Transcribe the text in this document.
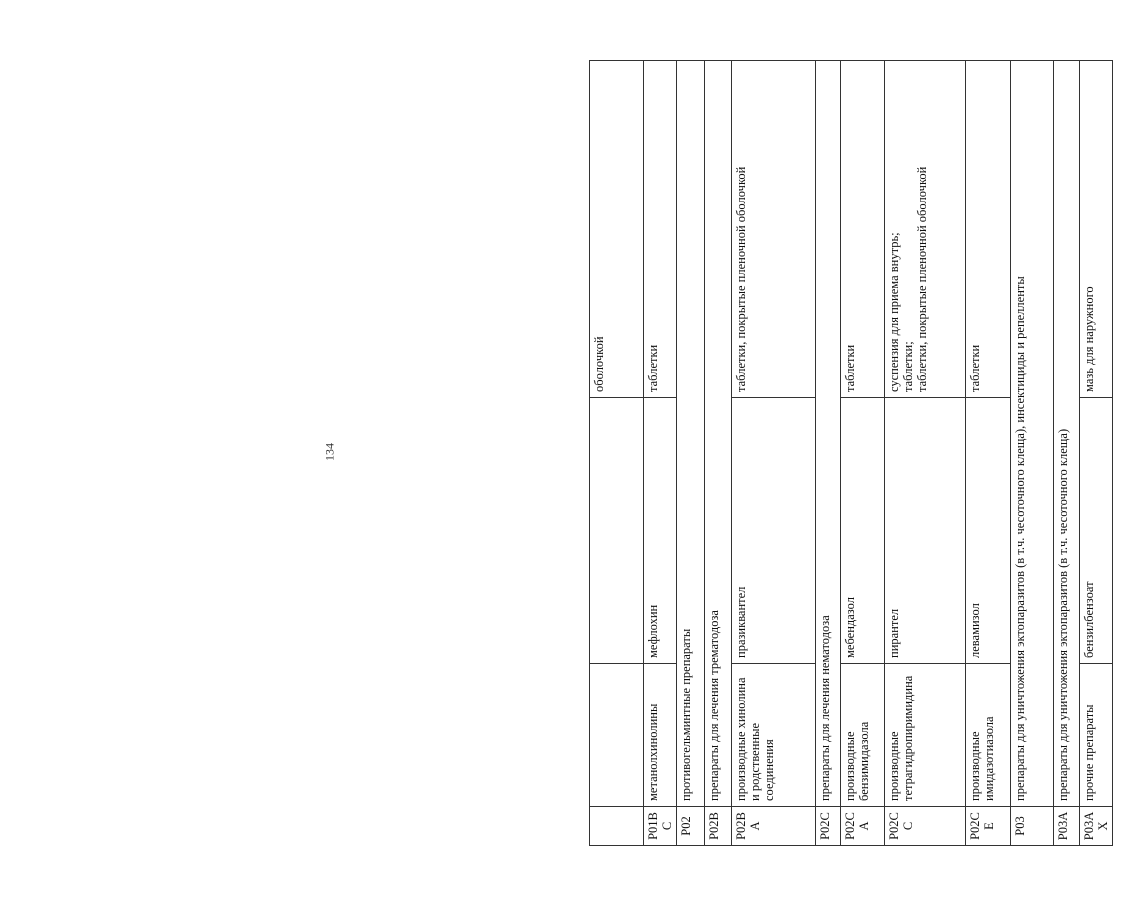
134
			оболочкой
P01BC	метанолхинолины	мефлохин	таблетки
P02	противогельминтные препараты		
P02B	препараты для лечения трематодоза		
P02BA	производные хинолина и родственные соединения	празиквантел	таблетки, покрытые пленочной оболочкой
P02C	препараты для лечения нематодоза		
P02CA	производные бензимидазола	мебендазол	таблетки
P02CC	производные тетрагидропиримидина	пирантел	суспензия для приема внутрь;
таблетки;
таблетки, покрытые пленочной оболочкой
P02CE	производные имидазотиазола	левамизол	таблетки
P03	препараты для уничтожения эктопаразитов (в т.ч. чесоточного клеща), инсектициды и репелленты		
P03A	препараты для уничтожения эктопаразитов (в т.ч. чесоточного клеща)		
P03AX	прочие препараты	бензилбензоат	мазь для наружного
